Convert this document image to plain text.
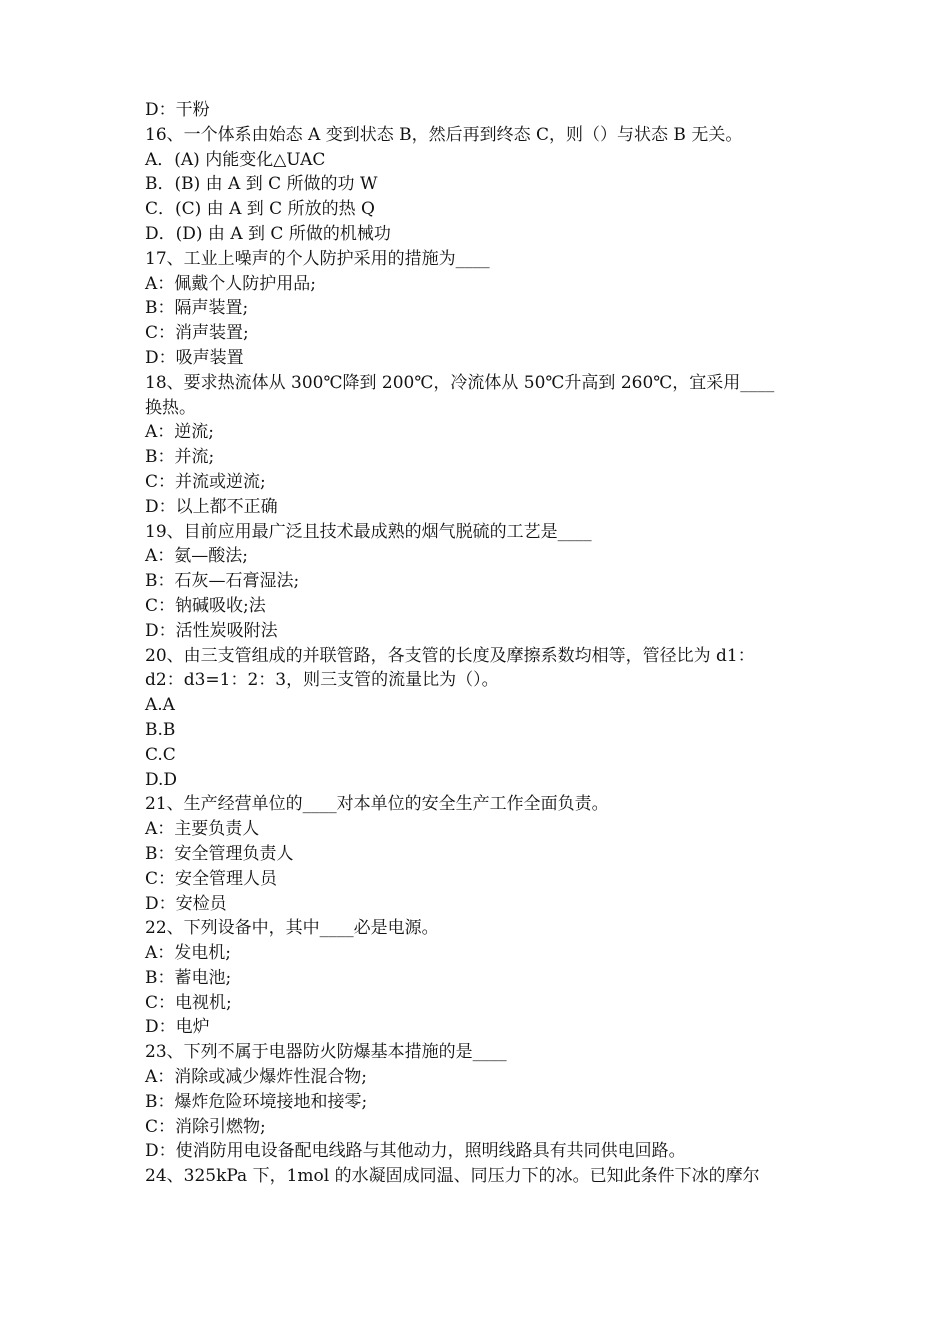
D：干粉
16、一个体系由始态 A 变到状态 B，然后再到终态 C，则（）与状态 B 无关。
A．(A) 内能变化△UAC
B．(B) 由 A 到 C 所做的功 W
C．(C) 由 A 到 C 所放的热 Q
D．(D) 由 A 到 C 所做的机械功
17、工业上噪声的个人防护采用的措施为____
A：佩戴个人防护用品;
B：隔声装置;
C：消声装置;
D：吸声装置
18、要求热流体从 300℃降到 200℃，冷流体从 50℃升高到 260℃，宜采用____
换热。
A：逆流;
B：并流;
C：并流或逆流;
D：以上都不正确
19、目前应用最广泛且技术最成熟的烟气脱硫的工艺是____
A：氨—酸法;
B：石灰—石膏湿法;
C：钠碱吸收;法
D：活性炭吸附法
20、由三支管组成的并联管路，各支管的长度及摩擦系数均相等，管径比为 d1：
d2：d3=1：2：3，则三支管的流量比为（）。
A.A
B.B
C.C
D.D
21、生产经营单位的____对本单位的安全生产工作全面负责。
A：主要负责人
B：安全管理负责人
C：安全管理人员
D：安检员
22、下列设备中，其中____必是电源。
A：发电机;
B：蓄电池;
C：电视机;
D：电炉
23、下列不属于电器防火防爆基本措施的是____
A：消除或减少爆炸性混合物;
B：爆炸危险环境接地和接零;
C：消除引燃物;
D：使消防用电设备配电线路与其他动力，照明线路具有共同供电回路。
24、325kPa 下，1mol 的水凝固成同温、同压力下的冰。已知此条件下冰的摩尔
